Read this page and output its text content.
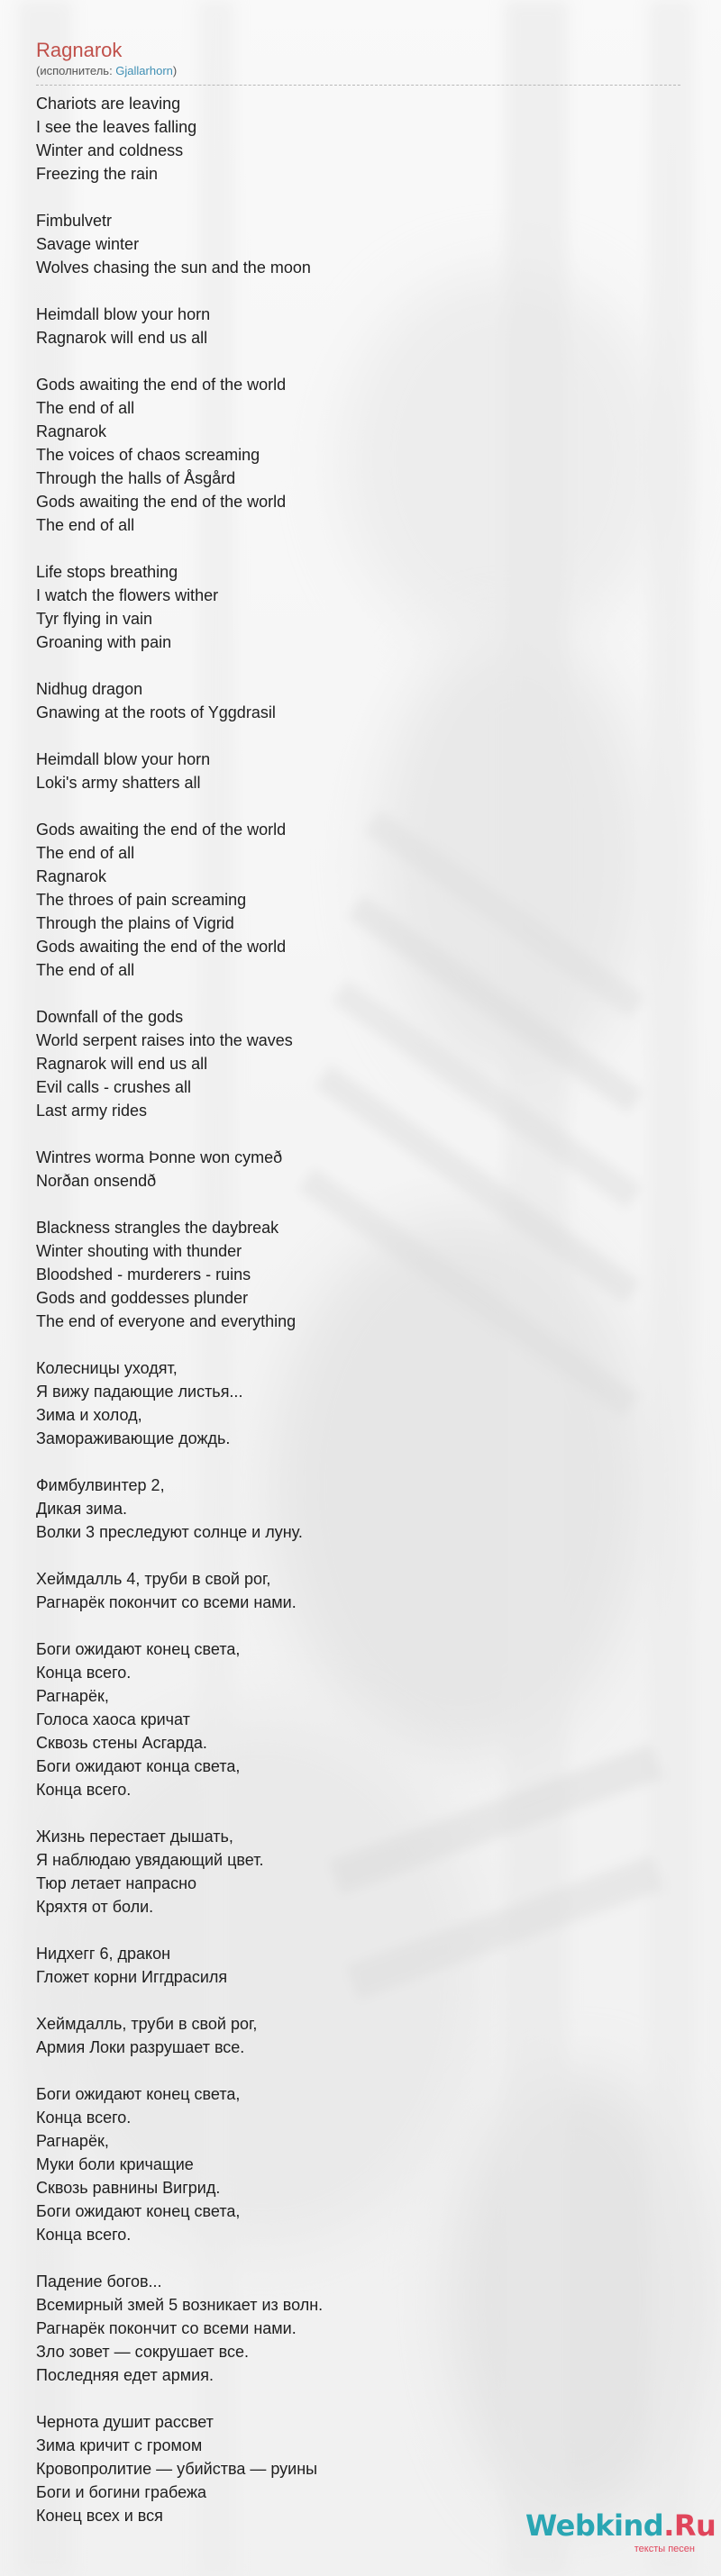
Ragnarok
(исполнитель: Gjallarhorn)
Chariots are leaving
I see the leaves falling
Winter and coldness
Freezing the rain
Fimbulvetr
Savage winter
Wolves chasing the sun and the moon
Heimdall blow your horn
Ragnarok will end us all
Gods awaiting the end of the world
The end of all
Ragnarok
The voices of chaos screaming
Through the halls of Åsgård
Gods awaiting the end of the world
The end of all
Life stops breathing
I watch the flowers wither
Tyr flying in vain
Groaning with pain
Nidhug dragon
Gnawing at the roots of Yggdrasil
Heimdall blow your horn
Loki's army shatters all
Gods awaiting the end of the world
The end of all
Ragnarok
The throes of pain screaming
Through the plains of Vigrid
Gods awaiting the end of the world
The end of all
Downfall of the gods
World serpent raises into the waves
Ragnarok will end us all
Evil calls - crushes all
Last army rides
Wintres worma Þonne won cymeð
Norðan onsendð
Blackness strangles the daybreak
Winter shouting with thunder
Bloodshed - murderers - ruins
Gods and goddesses plunder
The end of everyone and everything
Колесницы уходят,
Я вижу падающие листья...
Зима и холод,
Замораживающие дождь.
Фимбулвинтер 2,
Дикая зима.
Волки 3 преследуют солнце и луну.
Хеймдалль 4, труби в свой рог,
Рагнарёк покончит со всеми нами.
Боги ожидают конец света,
Конца всего.
Рагнарёк,
Голоса хаоса кричат
Сквозь стены Асгарда.
Боги ожидают конца света,
Конца всего.
Жизнь перестает дышать,
Я наблюдаю увядающий цвет.
Тюр летает напрасно
Кряхтя от боли.
Нидхегг 6, дракон
Гложет корни Иггдрасиля
Хеймдалль, труби в свой рог,
Армия Локи разрушает все.
Боги ожидают конец света,
Конца всего.
Рагнарёк,
Муки боли кричащие
Сквозь равнины Вигрид.
Боги ожидают конец света,
Конца всего.
Падение богов...
Всемирный змей 5 возникает из волн.
Рагнарёк покончит со всеми нами.
Зло зовет — сокрушает все.
Последняя едет армия.
Чернота душит рассвет
Зима кричит с громом
Кровопролитие — убийства — руины
Боги и богини грабежа
Конец всех и вся	Webkind.Ru
тексты песен
